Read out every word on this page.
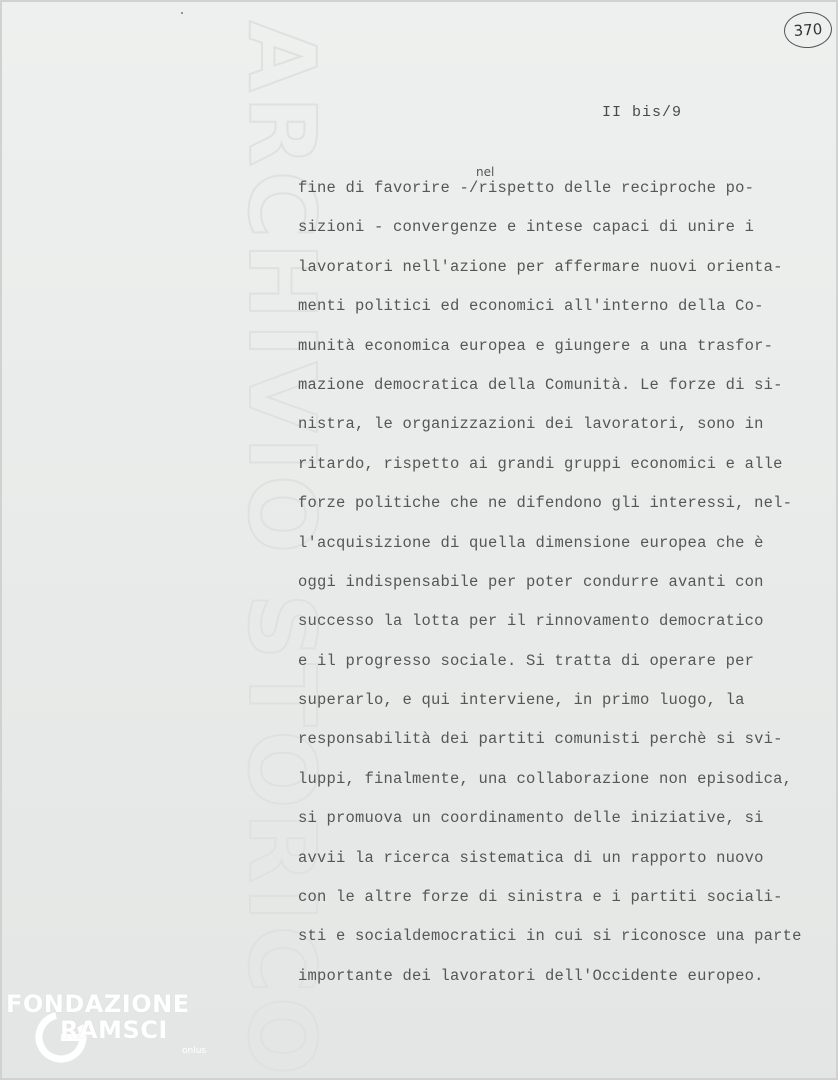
370
II bis/9
ARCHIVIO STORICO	nel
fine di favorire -/rispetto delle reciproche po-
sizioni - convergenze e intese capaci di unire i
lavoratori nell'azione per affermare nuovi orienta-
menti politici ed economici all'interno della Co-
munità economica europea e giungere a una trasfor-
mazione democratica della Comunità. Le forze di si-
nistra, le organizzazioni dei lavoratori, sono in
ritardo, rispetto ai grandi gruppi economici e alle
forze politiche che ne difendono gli interessi, nel-
l'acquisizione di quella dimensione europea che è
oggi indispensabile per poter condurre avanti con
successo la lotta per il rinnovamento democratico
e il progresso sociale. Si tratta di operare per
superarlo, e qui interviene, in primo luogo, la
responsabilità dei partiti comunisti perchè si svi-
luppi, finalmente, una collaborazione non episodica,
si promuova un coordinamento delle iniziative, si
avvii la ricerca sistematica di un rapporto nuovo
con le altre forze di sinistra e i partiti sociali-
sti e socialdemocratici in cui si riconosce una parte
importante dei lavoratori dell'Occidente europeo.
G
FONDAZIONE
RAMSCI
onlus
